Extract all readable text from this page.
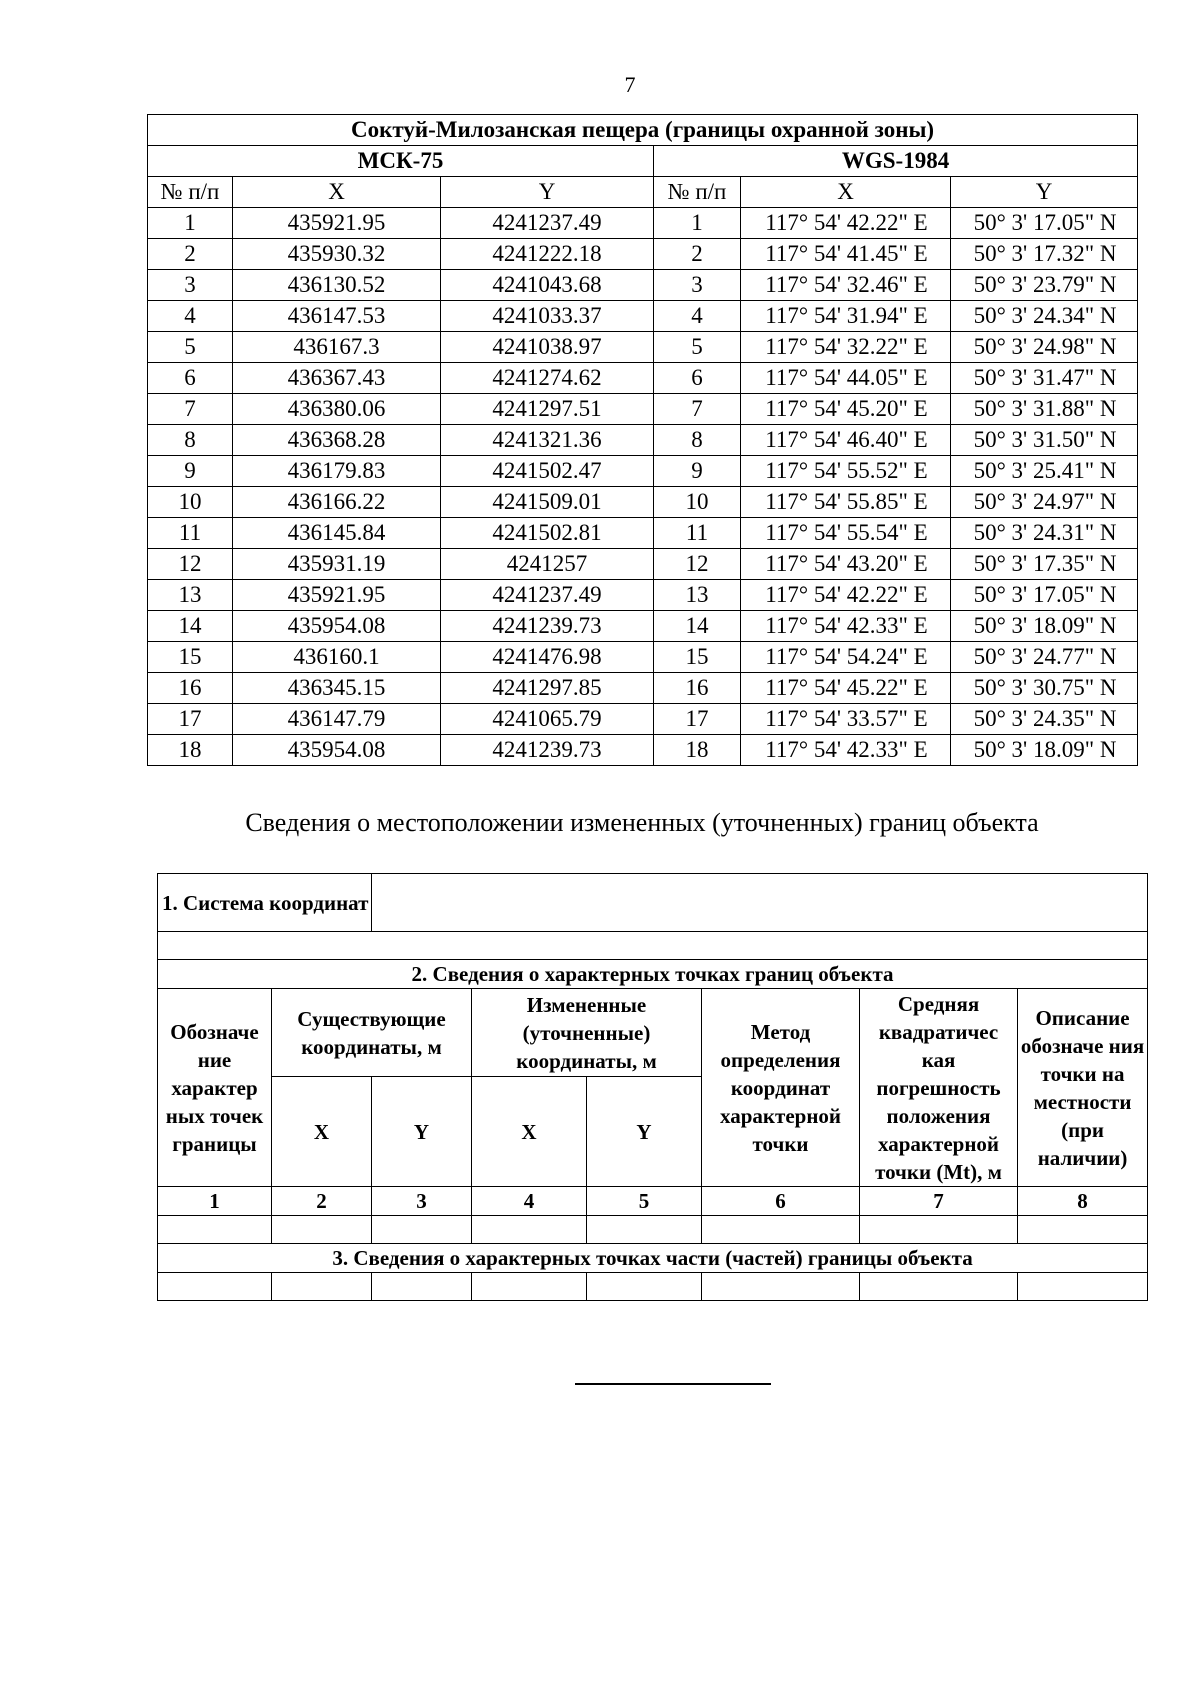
7
Соктуй-Милозанская пещера (границы охранной зоны)					
МСК-75			WGS-1984		
№ п/п	X	Y	№ п/п	X	Y
1	435921.95	4241237.49	1	117° 54' 42.22" E	50° 3' 17.05" N
2	435930.32	4241222.18	2	117° 54' 41.45" E	50° 3' 17.32" N
3	436130.52	4241043.68	3	117° 54' 32.46" E	50° 3' 23.79" N
4	436147.53	4241033.37	4	117° 54' 31.94" E	50° 3' 24.34" N
5	436167.3	4241038.97	5	117° 54' 32.22" E	50° 3' 24.98" N
6	436367.43	4241274.62	6	117° 54' 44.05" E	50° 3' 31.47" N
7	436380.06	4241297.51	7	117° 54' 45.20" E	50° 3' 31.88" N
8	436368.28	4241321.36	8	117° 54' 46.40" E	50° 3' 31.50" N
9	436179.83	4241502.47	9	117° 54' 55.52" E	50° 3' 25.41" N
10	436166.22	4241509.01	10	117° 54' 55.85" E	50° 3' 24.97" N
11	436145.84	4241502.81	11	117° 54' 55.54" E	50° 3' 24.31" N
12	435931.19	4241257	12	117° 54' 43.20" E	50° 3' 17.35" N
13	435921.95	4241237.49	13	117° 54' 42.22" E	50° 3' 17.05" N
14	435954.08	4241239.73	14	117° 54' 42.33" E	50° 3' 18.09" N
15	436160.1	4241476.98	15	117° 54' 54.24" E	50° 3' 24.77" N
16	436345.15	4241297.85	16	117° 54' 45.22" E	50° 3' 30.75" N
17	436147.79	4241065.79	17	117° 54' 33.57" E	50° 3' 24.35" N
18	435954.08	4241239.73	18	117° 54' 42.33" E	50° 3' 18.09" N
Сведения о местоположении измененных (уточненных) границ объекта
1. Система координат							

2. Сведения о характерных точках границ объекта							
Обозначе ние характер ных точек границы	Существующие координаты, м		Измененные (уточненные) координаты, м		Метод определения координат характерной точки	Средняя квадратичес кая погрешность положения характерной точки (Mt), м	Описание обозначе ния точки на местности (при наличии)
	X	Y	X	Y			
1	2	3	4	5	6	7	8

3. Сведения о характерных точках части (частей) границы объекта							
